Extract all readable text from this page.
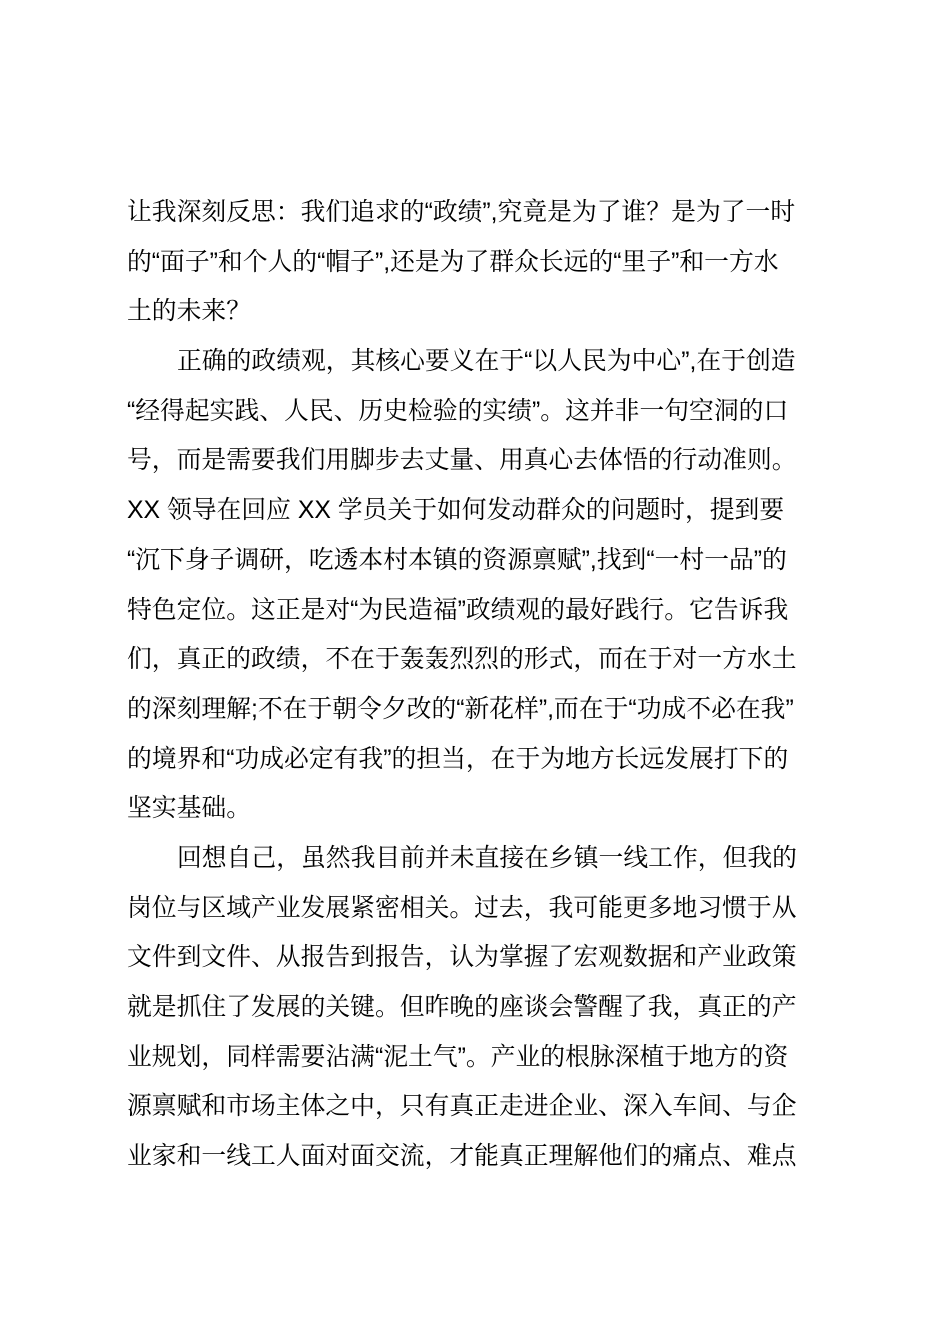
让我深刻反思：我们追求的“政绩”,究竟是为了谁？是为了一时
的“面子”和个人的“帽子”,还是为了群众长远的“里子”和一方水
土的未来？
正确的政绩观，其核心要义在于“以人民为中心”,在于创造
“经得起实践、人民、历史检验的实绩”。这并非一句空洞的口
号，而是需要我们用脚步去丈量、用真心去体悟的行动准则。
XX 领导在回应 XX 学员关于如何发动群众的问题时，提到要
“沉下身子调研，吃透本村本镇的资源禀赋”,找到“一村一品”的
特色定位。这正是对“为民造福”政绩观的最好践行。它告诉我
们，真正的政绩，不在于轰轰烈烈的形式，而在于对一方水土
的深刻理解;不在于朝令夕改的“新花样”,而在于“功成不必在我”
的境界和“功成必定有我”的担当，在于为地方长远发展打下的
坚实基础。
回想自己，虽然我目前并未直接在乡镇一线工作，但我的
岗位与区域产业发展紧密相关。过去，我可能更多地习惯于从
文件到文件、从报告到报告，认为掌握了宏观数据和产业政策
就是抓住了发展的关键。但昨晚的座谈会警醒了我，真正的产
业规划，同样需要沾满“泥土气”。产业的根脉深植于地方的资
源禀赋和市场主体之中，只有真正走进企业、深入车间、与企
业家和一线工人面对面交流，才能真正理解他们的痛点、难点
